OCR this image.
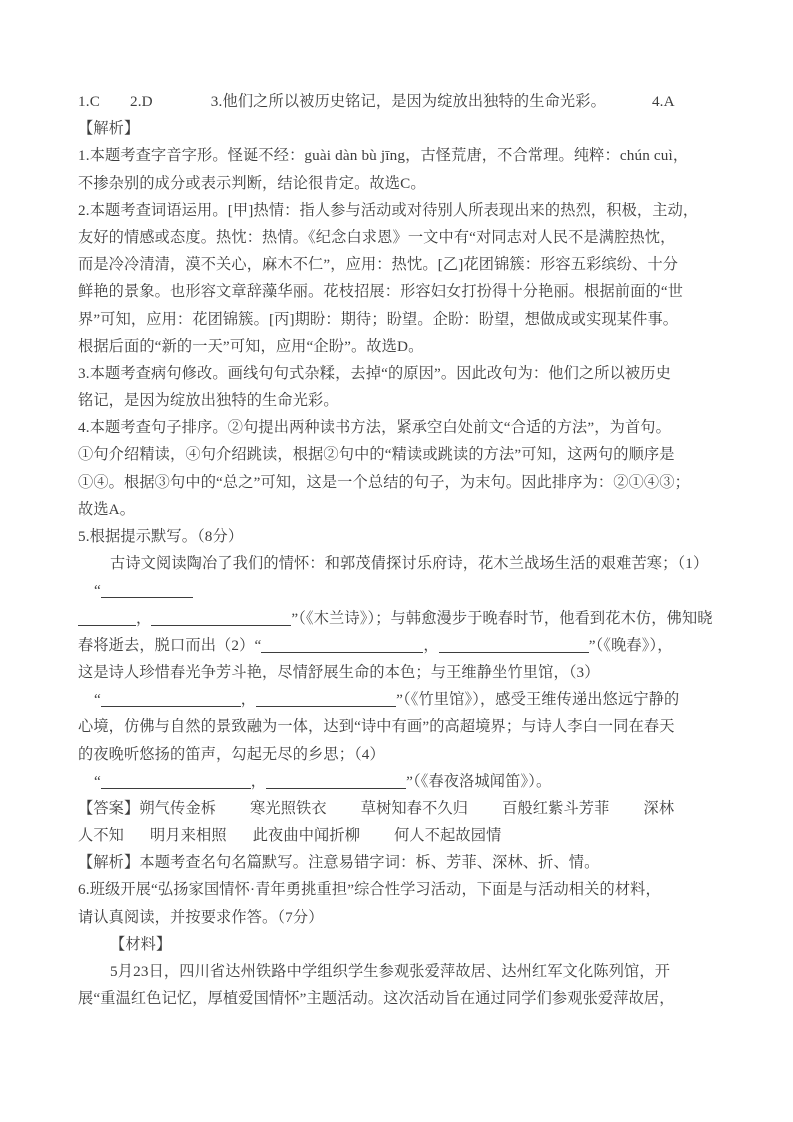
1.C 2.D	3.他们之所以被历史铭记，是因为绽放出独特的生命光彩。	4.A
【解析】
1.本题考查字音字形。怪诞不经：guài dàn bù jīng，古怪荒唐，不合常理。纯粹：chún cuì，
不掺杂别的成分或表示判断，结论很肯定。故选C。
2.本题考查词语运用。[甲]热情：指人参与活动或对待别人所表现出来的热烈，积极，主动，
友好的情感或态度。热忱：热情。《纪念白求恩》一文中有“对同志对人民不是满腔热忱，
而是冷冷清清，漠不关心，麻木不仁”，应用：热忱。[乙]花团锦簇：形容五彩缤纷、十分
鲜艳的景象。也形容文章辞藻华丽。花枝招展：形容妇女打扮得十分艳丽。根据前面的“世
界”可知，应用：花团锦簇。[丙]期盼：期待；盼望。企盼：盼望，想做成或实现某件事。
根据后面的“新的一天”可知，应用“企盼”。故选D。
3.本题考查病句修改。画线句句式杂糅，去掉“的原因”。因此改句为：他们之所以被历史
铭记，是因为绽放出独特的生命光彩。
4.本题考查句子排序。②句提出两种读书方法，紧承空白处前文“合适的方法”，为首句。
①句介绍精读，④句介绍跳读，根据②句中的“精读或跳读的方法”可知，这两句的顺序是
①④。根据③句中的“总之”可知，这是一个总结的句子，为末句。因此排序为：②①④③；
故选A。
5.根据提示默写。（8分）
古诗文阅读陶冶了我们的情怀：和郭茂倩探讨乐府诗，花木兰战场生活的艰难苦寒；（1）
“
，	”（《木兰诗》）；与韩愈漫步于晚春时节，他看到花木仿，佛知晓
春将逝去，脱口而出（2）“	，	”（《晚春》），
这是诗人珍惜春光争芳斗艳，尽情舒展生命的本色；与王维静坐竹里馆，（3）
“	，	”（《竹里馆》），感受王维传递出悠远宁静的
心境，仿佛与自然的景致融为一体，达到“诗中有画”的高超境界；与诗人李白一同在春天
的夜晚听悠扬的笛声，勾起无尽的乡思；（4）
“	，	”（《春夜洛城闻笛》）。
【答案】朔气传金柝 寒光照铁衣 草树知春不久归 百般红紫斗芳菲 深林
人不知 明月来相照 此夜曲中闻折柳 何人不起故园情
【解析】本题考查名句名篇默写。注意易错字词：柝、芳菲、深林、折、情。
6.班级开展“弘扬家国情怀·青年勇挑重担”综合性学习活动，下面是与活动相关的材料，
请认真阅读，并按要求作答。（7分）
【材料】
5月23日，四川省达州铁路中学组织学生参观张爱萍故居、达州红军文化陈列馆，开
展“重温红色记忆，厚植爱国情怀”主题活动。这次活动旨在通过同学们参观张爱萍故居，
